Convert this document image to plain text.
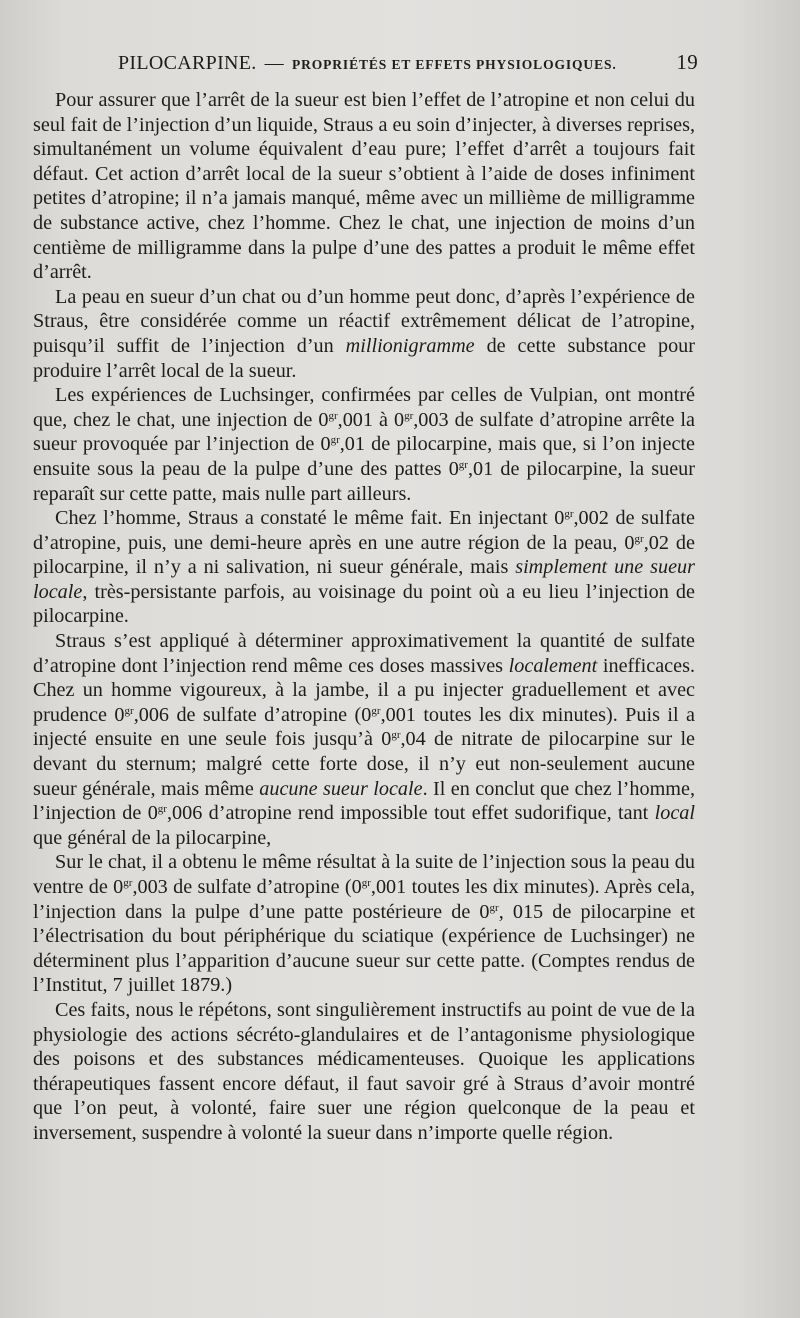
PILOCARPINE. — PROPRIÉTÉS ET EFFETS PHYSIOLOGIQUES.	19

Pour assurer que l’arrêt de la sueur est bien l’effet de l’atropine et non celui du seul fait de l’injection d’un liquide, Straus a eu soin d’injecter, à diverses reprises, simultanément un volume équivalent d’eau pure; l’effet d’arrêt a toujours fait défaut. Cet action d’arrêt local de la sueur s’obtient à l’aide de doses infiniment petites d’atropine; il n’a jamais manqué, même avec un millième de milligramme de substance active, chez l’homme. Chez le chat, une injection de moins d’un centième de milligramme dans la pulpe d’une des pattes a produit le même effet d’arrêt.

La peau en sueur d’un chat ou d’un homme peut donc, d’après l’expérience de Straus, être considérée comme un réactif extrêmement délicat de l’atropine, puisqu’il suffit de l’injection d’un millionigramme de cette substance pour produire l’arrêt local de la sueur.

Les expériences de Luchsinger, confirmées par celles de Vulpian, ont montré que, chez le chat, une injection de $0^{gr},001$ à $0^{gr},003$ de sulfate d’atropine arrête la sueur provoquée par l’injection de $0^{gr},01$ de pilocarpine, mais que, si l’on injecte ensuite sous la peau de la pulpe d’une des pattes $0^{gr},01$ de pilocarpine, la sueur reparaît sur cette patte, mais nulle part ailleurs.

Chez l’homme, Straus a constaté le même fait. En injectant $0^{gr},002$ de sulfate d’atropine, puis, une demi-heure après en une autre région de la peau, $0^{gr},02$ de pilocarpine, il n’y a ni salivation, ni sueur générale, mais simplement une sueur locale, très-persistante parfois, au voisinage du point où a eu lieu l’injection de pilocarpine.

Straus s’est appliqué à déterminer approximativement la quantité de sulfate d’atropine dont l’injection rend même ces doses massives localement inefficaces. Chez un homme vigoureux, à la jambe, il a pu injecter graduellement et avec prudence $0^{gr},006$ de sulfate d’atropine ($0^{gr},001$ toutes les dix minutes). Puis il a injecté ensuite en une seule fois jusqu’à $0^{gr},04$ de nitrate de pilocarpine sur le devant du sternum; malgré cette forte dose, il n’y eut non-seulement aucune sueur générale, mais même aucune sueur locale. Il en conclut que chez l’homme, l’injection de $0^{gr},006$ d’atropine rend impossible tout effet sudorifique, tant local que général de la pilocarpine,

Sur le chat, il a obtenu le même résultat à la suite de l’injection sous la peau du ventre de $0^{gr},003$ de sulfate d’atropine ($0^{gr},001$ toutes les dix minutes). Après cela, l’injection dans la pulpe d’une patte postérieure de $0^{gr}$, 015 de pilocarpine et l’électrisation du bout périphérique du sciatique (expérience de Luchsinger) ne déterminent plus l’apparition d’aucune sueur sur cette patte. (Comptes rendus de l’Institut, 7 juillet 1879.)

Ces faits, nous le répétons, sont singulièrement instructifs au point de vue de la physiologie des actions sécréto-glandulaires et de l’antagonisme physiologique des poisons et des substances médicamenteuses. Quoique les applications thérapeutiques fassent encore défaut, il faut savoir gré à Straus d’avoir montré que l’on peut, à volonté, faire suer une région quelconque de la peau et inversement, suspendre à volonté la sueur dans n’importe quelle région.
